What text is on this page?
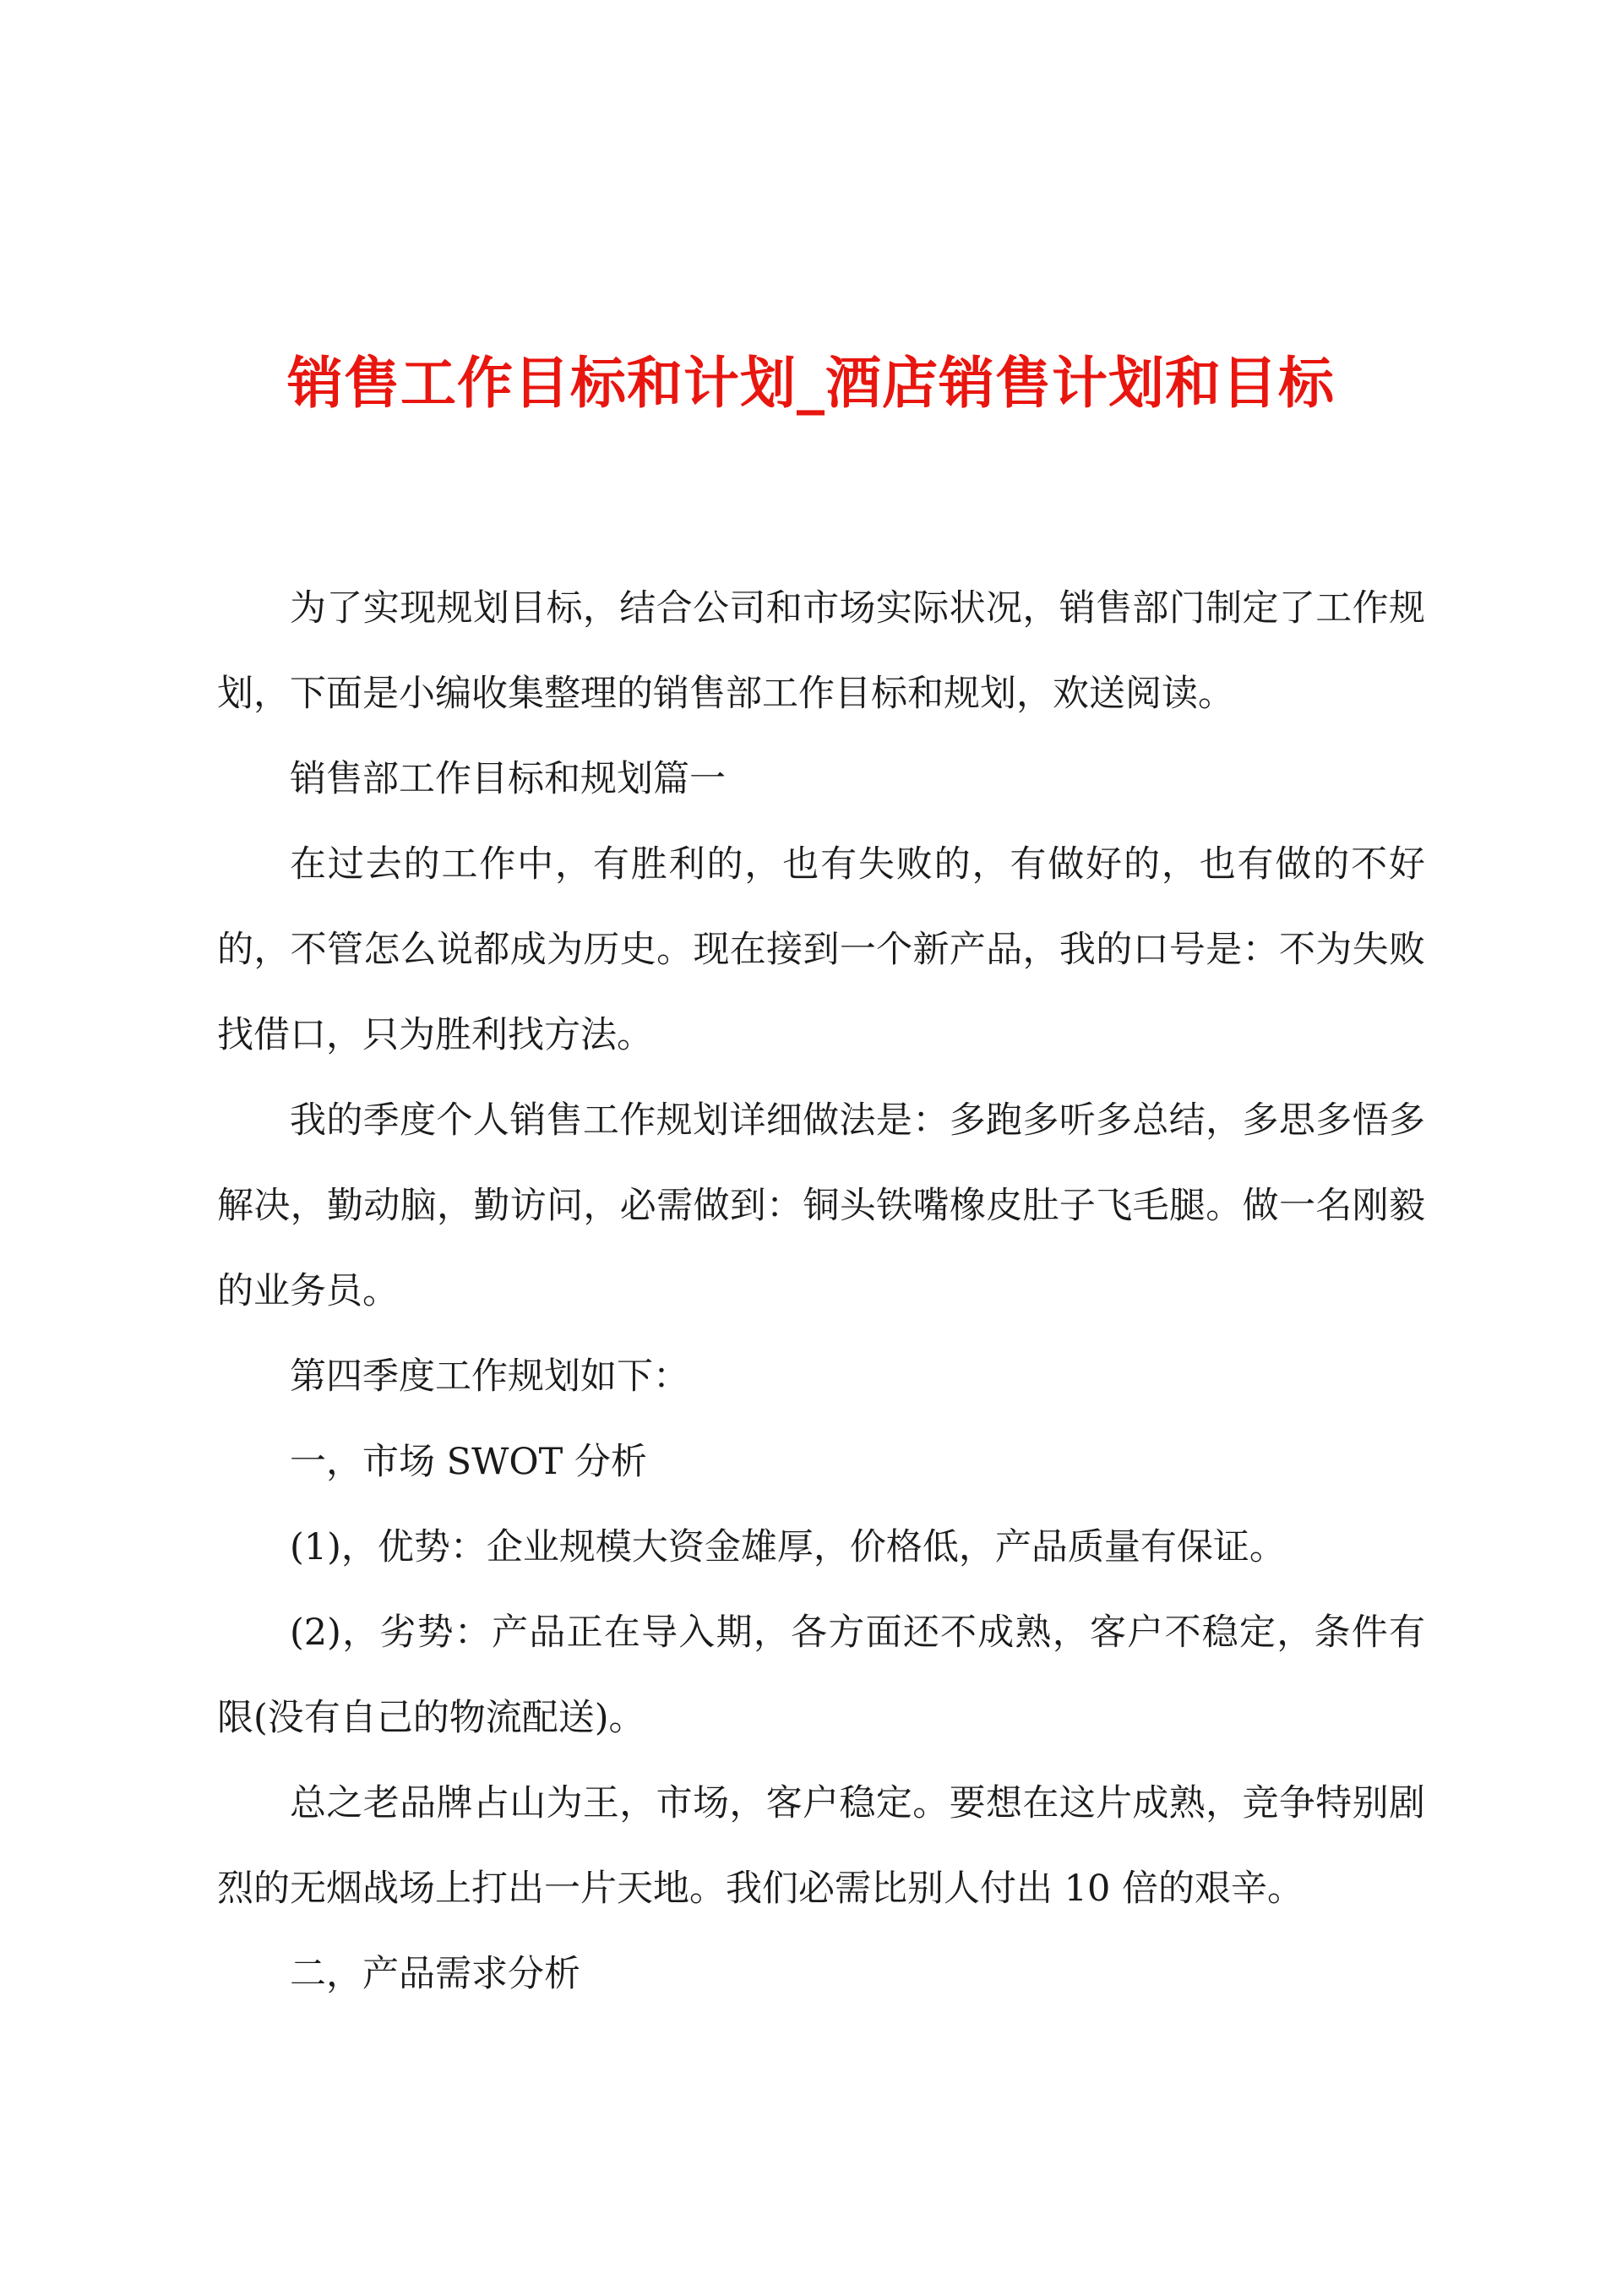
销售工作目标和计划_酒店销售计划和目标

为了实现规划目标，结合公司和市场实际状况，销售部门制定了工作规划，下面是小编收集整理的销售部工作目标和规划，欢送阅读。

销售部工作目标和规划篇一

在过去的工作中，有胜利的，也有失败的，有做好的，也有做的不好的，不管怎么说都成为历史。现在接到一个新产品，我的口号是：不为失败找借口，只为胜利找方法。

我的季度个人销售工作规划详细做法是：多跑多听多总结，多思多悟多解决，勤动脑，勤访问，必需做到：铜头铁嘴橡皮肚子飞毛腿。做一名刚毅的业务员。

第四季度工作规划如下：

一，市场 SWOT 分析

(1)，优势：企业规模大资金雄厚，价格低，产品质量有保证。

(2)，劣势：产品正在导入期，各方面还不成熟，客户不稳定，条件有限(没有自己的物流配送)。

总之老品牌占山为王，市场，客户稳定。要想在这片成熟，竞争特别剧烈的无烟战场上打出一片天地。我们必需比别人付出 10 倍的艰辛。

二，产品需求分析
